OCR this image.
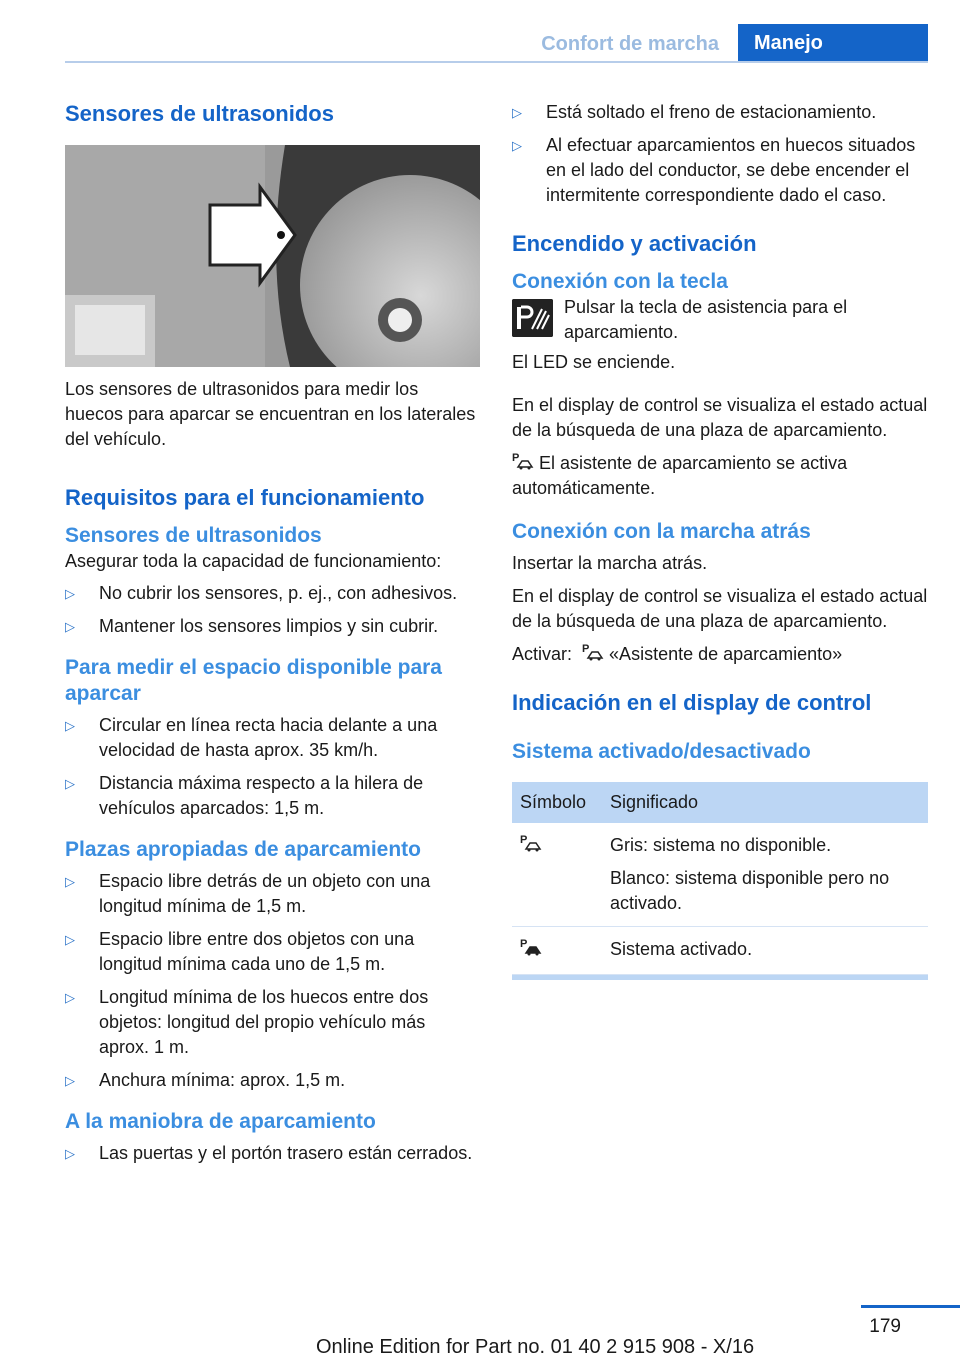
Confort de marcha	Manejo
Sensores de ultrasonidos

Los sensores de ultrasonidos para medir los huecos para aparcar se encuentran en los laterales del vehículo.

Requisitos para el funcionamiento
Sensores de ultrasonidos

Asegurar toda la capacidad de funcionamiento:

▷ No cubrir los sensores, p. ej., con adhesivos.
▷ Mantener los sensores limpios y sin cubrir.
Para medir el espacio disponible para aparcar
▷ Circular en línea recta hacia delante a una velocidad de hasta aprox. 35 km/h.
▷ Distancia máxima respecto a la hilera de vehículos aparcados: 1,5 m.
Plazas apropiadas de aparcamiento
▷ Espacio libre detrás de un objeto con una longitud mínima de 1,5 m.
▷ Espacio libre entre dos objetos con una longitud mínima cada uno de 1,5 m.
▷ Longitud mínima de los huecos entre dos objetos: longitud del propio vehículo más aprox. 1 m.
▷ Anchura mínima: aprox. 1,5 m.
A la maniobra de aparcamiento
▷ Las puertas y el portón trasero están cerrados.
▷ Está soltado el freno de estacionamiento.
▷ Al efectuar aparcamientos en huecos situados en el lado del conductor, se debe encender el intermitente correspondiente dado el caso.
Encendido y activación
Conexión con la tecla
Pulsar la tecla de asistencia para el aparcamiento.

El LED se enciende.

En el display de control se visualiza el estado actual de la búsqueda de una plaza de aparcamiento.

P El asistente de aparcamiento se activa automáticamente.

Conexión con la marcha atrás

Insertar la marcha atrás.

En el display de control se visualiza el estado actual de la búsqueda de una plaza de aparcamiento.

Activar: P «Asistente de aparcamiento»

Indicación en el display de control
Sistema activado/desactivado
Símbolo	Significado

P	Gris: sistema no disponible.
Blanco: sistema disponible pero no activado.

P	Sistema activado.
179
Online Edition for Part no. 01 40 2 915 908 - X/16
